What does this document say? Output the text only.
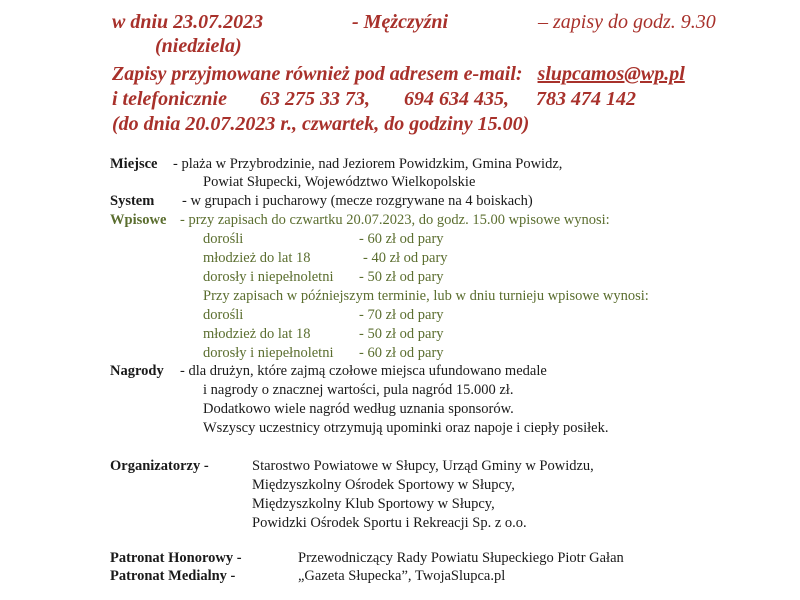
w dniu 23.07.2023	- Mężczyźni	– zapisy do godz. 9.30
(niedziela)
Zapisy przyjmowane również pod adresem e-mail: slupcamos@wp.pl
i telefonicznie 63 275 33 73, 694 634 435, 783 474 142
(do dnia 20.07.2023 r., czwartek, do godziny 15.00)
Miejsce - plaża w Przybrodzinie, nad Jeziorem Powidzkim, Gmina Powidz,
Powiat Słupecki, Województwo Wielkopolskie
System - w grupach i pucharowy (mecze rozgrywane na 4 boiskach)
Wpisowe - przy zapisach do czwartku 20.07.2023, do godz. 15.00 wpisowe wynosi:
dorośli	- 60 zł od pary
młodzież do lat 18	- 40 zł od pary
dorosły i niepełnoletni - 50 zł od pary
Przy zapisach w późniejszym terminie, lub w dniu turnieju wpisowe wynosi:
dorośli	- 70 zł od pary
młodzież do lat 18	- 50 zł od pary
dorosły i niepełnoletni - 60 zł od pary
Nagrody - dla drużyn, które zajmą czołowe miejsca ufundowano medale
i nagrody o znacznej wartości, pula nagród 15.000 zł.
Dodatkowo wiele nagród według uznania sponsorów.
Wszyscy uczestnicy otrzymują upominki oraz napoje i ciepły posiłek.
Organizatorzy -	Starostwo Powiatowe w Słupcy, Urząd Gminy w Powidzu,
Międzyszkolny Ośrodek Sportowy w Słupcy,
Międzyszkolny Klub Sportowy w Słupcy,
Powidzki Ośrodek Sportu i Rekreacji Sp. z o.o.
Patronat Honorowy -	Przewodniczący Rady Powiatu Słupeckiego Piotr Gałan
Patronat Medialny -	„Gazeta Słupecka”, TwojaSlupca.pl
